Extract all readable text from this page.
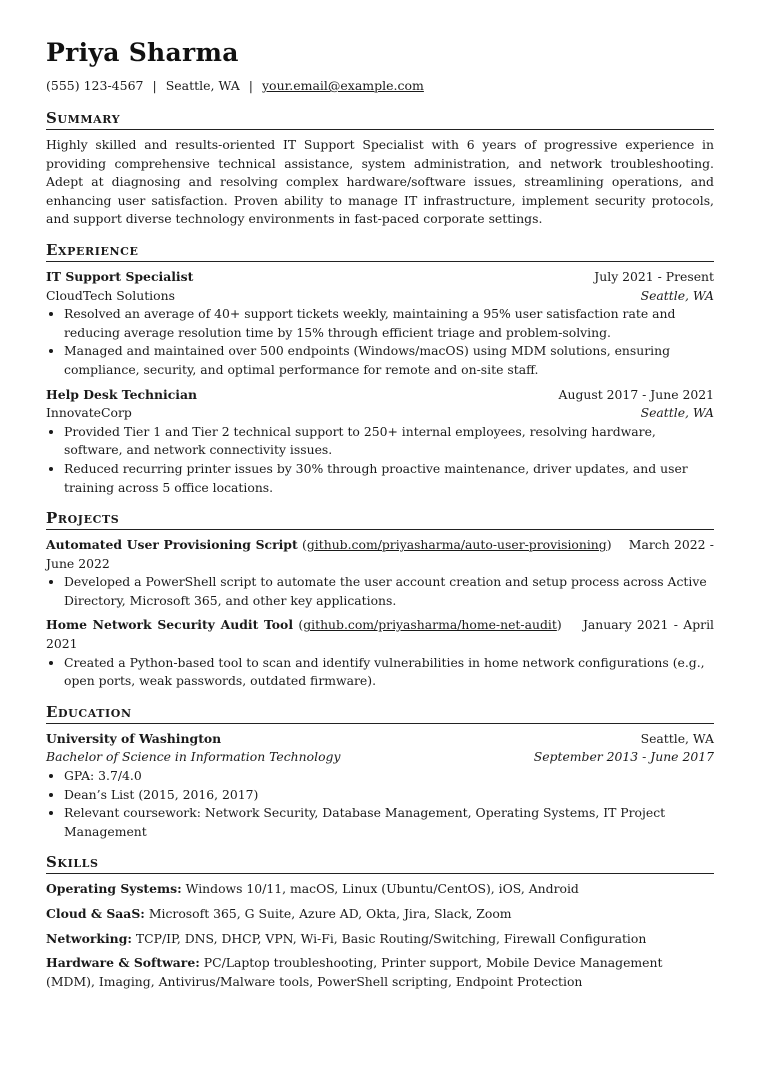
Priya Sharma
(555) 123-4567 | Seattle, WA | your.email@example.com
Summary

Highly skilled and results-oriented IT Support Specialist with 6 years of progressive experience in providing comprehensive technical assistance, system administration, and network troubleshooting. Adept at diagnosing and resolving complex hardware/software issues, streamlining operations, and enhancing user satisfaction. Proven ability to manage IT infrastructure, implement security protocols, and support diverse technology environments in fast-paced corporate settings.

Experience
IT Support Specialist	July 2021 - Present
CloudTech Solutions	Seattle, WA
• Resolved an average of 40+ support tickets weekly, maintaining a 95% user satisfaction rate and reducing average resolution time by 15% through efficient triage and problem-solving.
• Managed and maintained over 500 endpoints (Windows/macOS) using MDM solutions, ensuring compliance, security, and optimal performance for remote and on-site staff.
Help Desk Technician	August 2017 - June 2021
InnovateCorp	Seattle, WA
• Provided Tier 1 and Tier 2 technical support to 250+ internal employees, resolving hardware, software, and network connectivity issues.
• Reduced recurring printer issues by 30% through proactive maintenance, driver updates, and user training across 5 office locations.
Projects
Automated User Provisioning Script (github.com/priyasharma/auto-user-provisioning)    March 2022 - June 2022
• Developed a PowerShell script to automate the user account creation and setup process across Active Directory, Microsoft 365, and other key applications.
Home Network Security Audit Tool (github.com/priyasharma/home-net-audit)    January 2021 - April 2021
• Created a Python-based tool to scan and identify vulnerabilities in home network configurations (e.g., open ports, weak passwords, outdated firmware).
Education
University of Washington	Seattle, WA
Bachelor of Science in Information Technology	September 2013 - June 2017
• GPA: 3.7/4.0
• Dean’s List (2015, 2016, 2017)
• Relevant coursework: Network Security, Database Management, Operating Systems, IT Project Management
Skills
Operating Systems: Windows 10/11, macOS, Linux (Ubuntu/CentOS), iOS, Android
Cloud & SaaS: Microsoft 365, G Suite, Azure AD, Okta, Jira, Slack, Zoom
Networking: TCP/IP, DNS, DHCP, VPN, Wi-Fi, Basic Routing/Switching, Firewall Configuration
Hardware & Software: PC/Laptop troubleshooting, Printer support, Mobile Device Management (MDM), Imaging, Antivirus/Malware tools, PowerShell scripting, Endpoint Protection
